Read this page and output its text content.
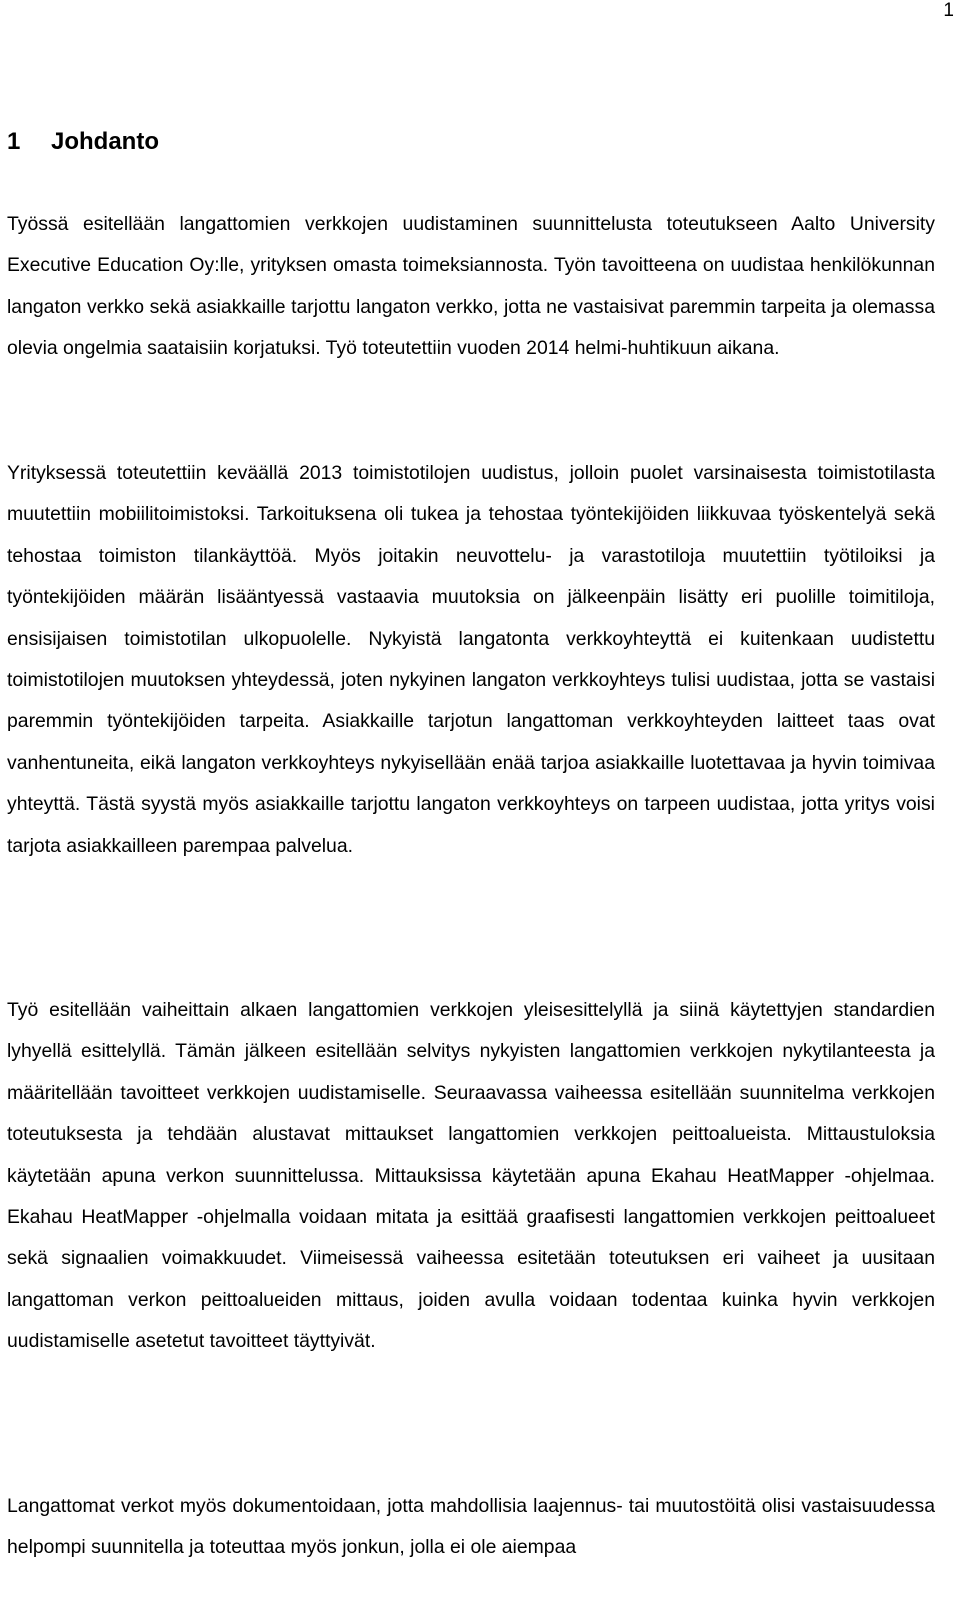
1
1 Johdanto

Työssä esitellään langattomien verkkojen uudistaminen suunnittelusta toteutukseen Aalto University Executive Education Oy:lle, yrityksen omasta toimeksiannosta. Työn tavoitteena on uudistaa henkilökunnan langaton verkko sekä asiakkaille tarjottu langaton verkko, jotta ne vastaisivat paremmin tarpeita ja olemassa olevia ongelmia saataisiin korjatuksi. Työ toteutettiin vuoden 2014 helmi-huhtikuun aikana.

Yrityksessä toteutettiin keväällä 2013 toimistotilojen uudistus, jolloin puolet varsinaisesta toimistotilasta muutettiin mobiilitoimistoksi. Tarkoituksena oli tukea ja tehostaa työntekijöiden liikkuvaa työskentelyä sekä tehostaa toimiston tilankäyttöä. Myös joitakin neuvottelu- ja varastotiloja muutettiin työtiloiksi ja työntekijöiden määrän lisääntyessä vastaavia muutoksia on jälkeenpäin lisätty eri puolille toimitiloja, ensisijaisen toimistotilan ulkopuolelle. Nykyistä langatonta verkkoyhteyttä ei kuitenkaan uudistettu toimistotilojen muutoksen yhteydessä, joten nykyinen langaton verkkoyhteys tulisi uudistaa, jotta se vastaisi paremmin työntekijöiden tarpeita. Asiakkaille tarjotun langattoman verkkoyhteyden laitteet taas ovat vanhentuneita, eikä langaton verkkoyhteys nykyisellään enää tarjoa asiakkaille luotettavaa ja hyvin toimivaa yhteyttä. Tästä syystä myös asiakkaille tarjottu langaton verkkoyhteys on tarpeen uudistaa, jotta yritys voisi tarjota asiakkailleen parempaa palvelua.

Työ esitellään vaiheittain alkaen langattomien verkkojen yleisesittelyllä ja siinä käytettyjen standardien lyhyellä esittelyllä. Tämän jälkeen esitellään selvitys nykyisten langattomien verkkojen nykytilanteesta ja määritellään tavoitteet verkkojen uudistamiselle. Seuraavassa vaiheessa esitellään suunnitelma verkkojen toteutuksesta ja tehdään alustavat mittaukset langattomien verkkojen peittoalueista. Mittaustuloksia käytetään apuna verkon suunnittelussa. Mittauksissa käytetään apuna Ekahau HeatMapper -ohjelmaa. Ekahau HeatMapper -ohjelmalla voidaan mitata ja esittää graafisesti langattomien verkkojen peittoalueet sekä signaalien voimakkuudet. Viimeisessä vaiheessa esitetään toteutuksen eri vaiheet ja uusitaan langattoman verkon peittoalueiden mittaus, joiden avulla voidaan todentaa kuinka hyvin verkkojen uudistamiselle asetetut tavoitteet täyttyivät.

Langattomat verkot myös dokumentoidaan, jotta mahdollisia laajennus- tai muutostöitä olisi vastaisuudessa helpompi suunnitella ja toteuttaa myös jonkun, jolla ei ole aiempaa
